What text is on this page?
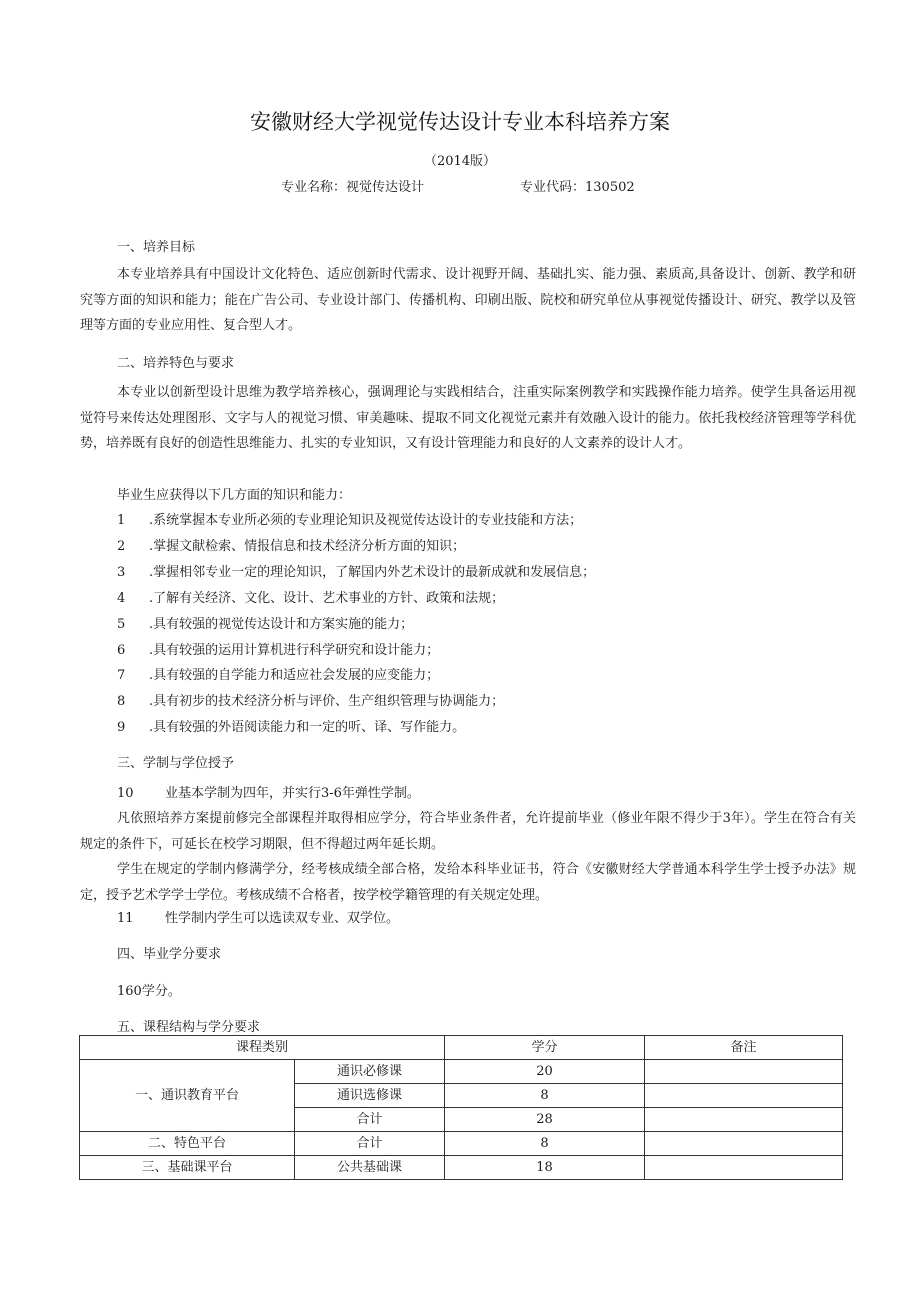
安徽财经大学视觉传达设计专业本科培养方案
（2014版）
专业名称：视觉传达设计	专业代码：130502
一、培养目标
本专业培养具有中国设计文化特色、适应创新时代需求、设计视野开阔、基础扎实、能力强、素质高,具备设计、创新、教学和研究等方面的知识和能力；能在广告公司、专业设计部门、传播机构、印刷出版、院校和研究单位从事视觉传播设计、研究、教学以及管理等方面的专业应用性、复合型人才。
二、培养特色与要求
本专业以创新型设计思维为教学培养核心，强调理论与实践相结合，注重实际案例教学和实践操作能力培养。使学生具备运用视觉符号来传达处理图形、文字与人的视觉习惯、审美趣味、提取不同文化视觉元素并有效融入设计的能力。依托我校经济管理等学科优势，培养既有良好的创造性思维能力、扎实的专业知识，又有设计管理能力和良好的人文素养的设计人才。
毕业生应获得以下几方面的知识和能力：
1 .系统掌握本专业所必须的专业理论知识及视觉传达设计的专业技能和方法；
2 .掌握文献检索、情报信息和技术经济分析方面的知识；
3 .掌握相邻专业一定的理论知识，了解国内外艺术设计的最新成就和发展信息；
4 .了解有关经济、文化、设计、艺术事业的方针、政策和法规；
5 .具有较强的视觉传达设计和方案实施的能力；
6 .具有较强的运用计算机进行科学研究和设计能力；
7 .具有较强的自学能力和适应社会发展的应变能力；
8 .具有初步的技术经济分析与评价、生产组织管理与协调能力；
9 .具有较强的外语阅读能力和一定的听、译、写作能力。
三、学制与学位授予
10 业基本学制为四年，并实行3-6年弹性学制。
凡依照培养方案提前修完全部课程并取得相应学分，符合毕业条件者，允许提前毕业（修业年限不得少于3年）。学生在符合有关规定的条件下，可延长在校学习期限，但不得超过两年延长期。
学生在规定的学制内修满学分，经考核成绩全部合格，发给本科毕业证书，符合《安徽财经大学普通本科学生学士授予办法》规定，授予艺术学学士学位。考核成绩不合格者，按学校学籍管理的有关规定处理。
11 性学制内学生可以选读双专业、双学位。
四、毕业学分要求
160学分。
五、课程结构与学分要求
课程类别		学分	备注
一、通识教育平台	通识必修课	20	
	通识选修课	8	
	合计	28	
二、特色平台	合计	8	
三、基础课平台	公共基础课	18	
